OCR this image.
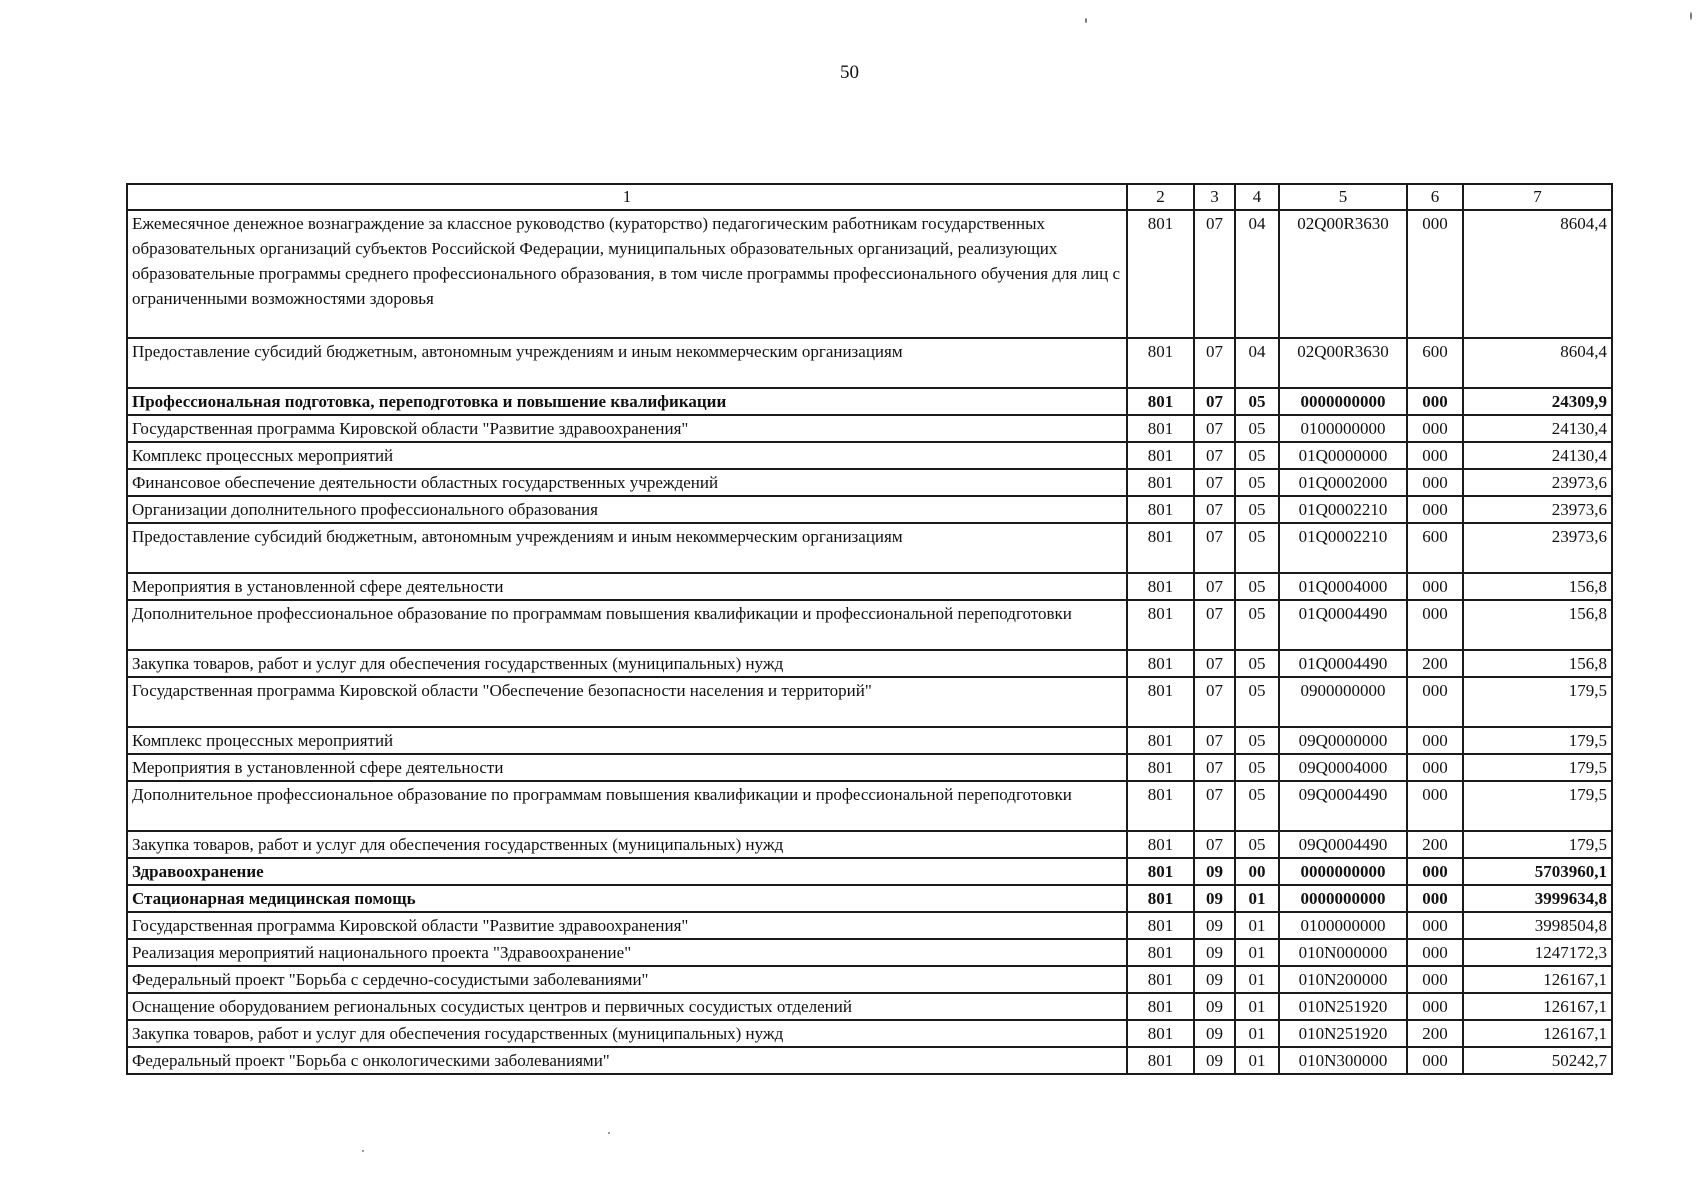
50
1	2	3	4	5	6	7
Ежемесячное денежное вознаграждение за классное руководство (кураторство) педагогическим работникам государственных образовательных организаций субъектов Российской Федерации, муниципальных образовательных организаций, реализующих образовательные программы среднего профессионального образования, в том числе программы профессионального обучения для лиц с ограниченными возможностями здоровья	801	07	04	02Q00R3630	000	8604,4
Предоставление субсидий бюджетным, автономным учреждениям и иным некоммерческим организациям	801	07	04	02Q00R3630	600	8604,4
Профессиональная подготовка, переподготовка и повышение квалификации	801	07	05	0000000000	000	24309,9
Государственная программа Кировской области "Развитие здравоохранения"	801	07	05	0100000000	000	24130,4
Комплекс процессных мероприятий	801	07	05	01Q0000000	000	24130,4
Финансовое обеспечение деятельности областных государственных учреждений	801	07	05	01Q0002000	000	23973,6
Организации дополнительного профессионального образования	801	07	05	01Q0002210	000	23973,6
Предоставление субсидий бюджетным, автономным учреждениям и иным некоммерческим организациям	801	07	05	01Q0002210	600	23973,6
Мероприятия в установленной сфере деятельности	801	07	05	01Q0004000	000	156,8
Дополнительное профессиональное образование по программам повышения квалификации и профессиональной переподготовки	801	07	05	01Q0004490	000	156,8
Закупка товаров, работ и услуг для обеспечения государственных (муниципальных) нужд	801	07	05	01Q0004490	200	156,8
Государственная программа Кировской области "Обеспечение безопасности населения и территорий"	801	07	05	0900000000	000	179,5
Комплекс процессных мероприятий	801	07	05	09Q0000000	000	179,5
Мероприятия в установленной сфере деятельности	801	07	05	09Q0004000	000	179,5
Дополнительное профессиональное образование по программам повышения квалификации и профессиональной переподготовки	801	07	05	09Q0004490	000	179,5
Закупка товаров, работ и услуг для обеспечения государственных (муниципальных) нужд	801	07	05	09Q0004490	200	179,5
Здравоохранение	801	09	00	0000000000	000	5703960,1
Стационарная медицинская помощь	801	09	01	0000000000	000	3999634,8
Государственная программа Кировской области "Развитие здравоохранения"	801	09	01	0100000000	000	3998504,8
Реализация мероприятий национального проекта "Здравоохранение"	801	09	01	010N000000	000	1247172,3
Федеральный проект "Борьба с сердечно-сосудистыми заболеваниями"	801	09	01	010N200000	000	126167,1
Оснащение оборудованием региональных сосудистых центров и первичных сосудистых отделений	801	09	01	010N251920	000	126167,1
Закупка товаров, работ и услуг для обеспечения государственных (муниципальных) нужд	801	09	01	010N251920	200	126167,1
Федеральный проект "Борьба с онкологическими заболеваниями"	801	09	01	010N300000	000	50242,7
